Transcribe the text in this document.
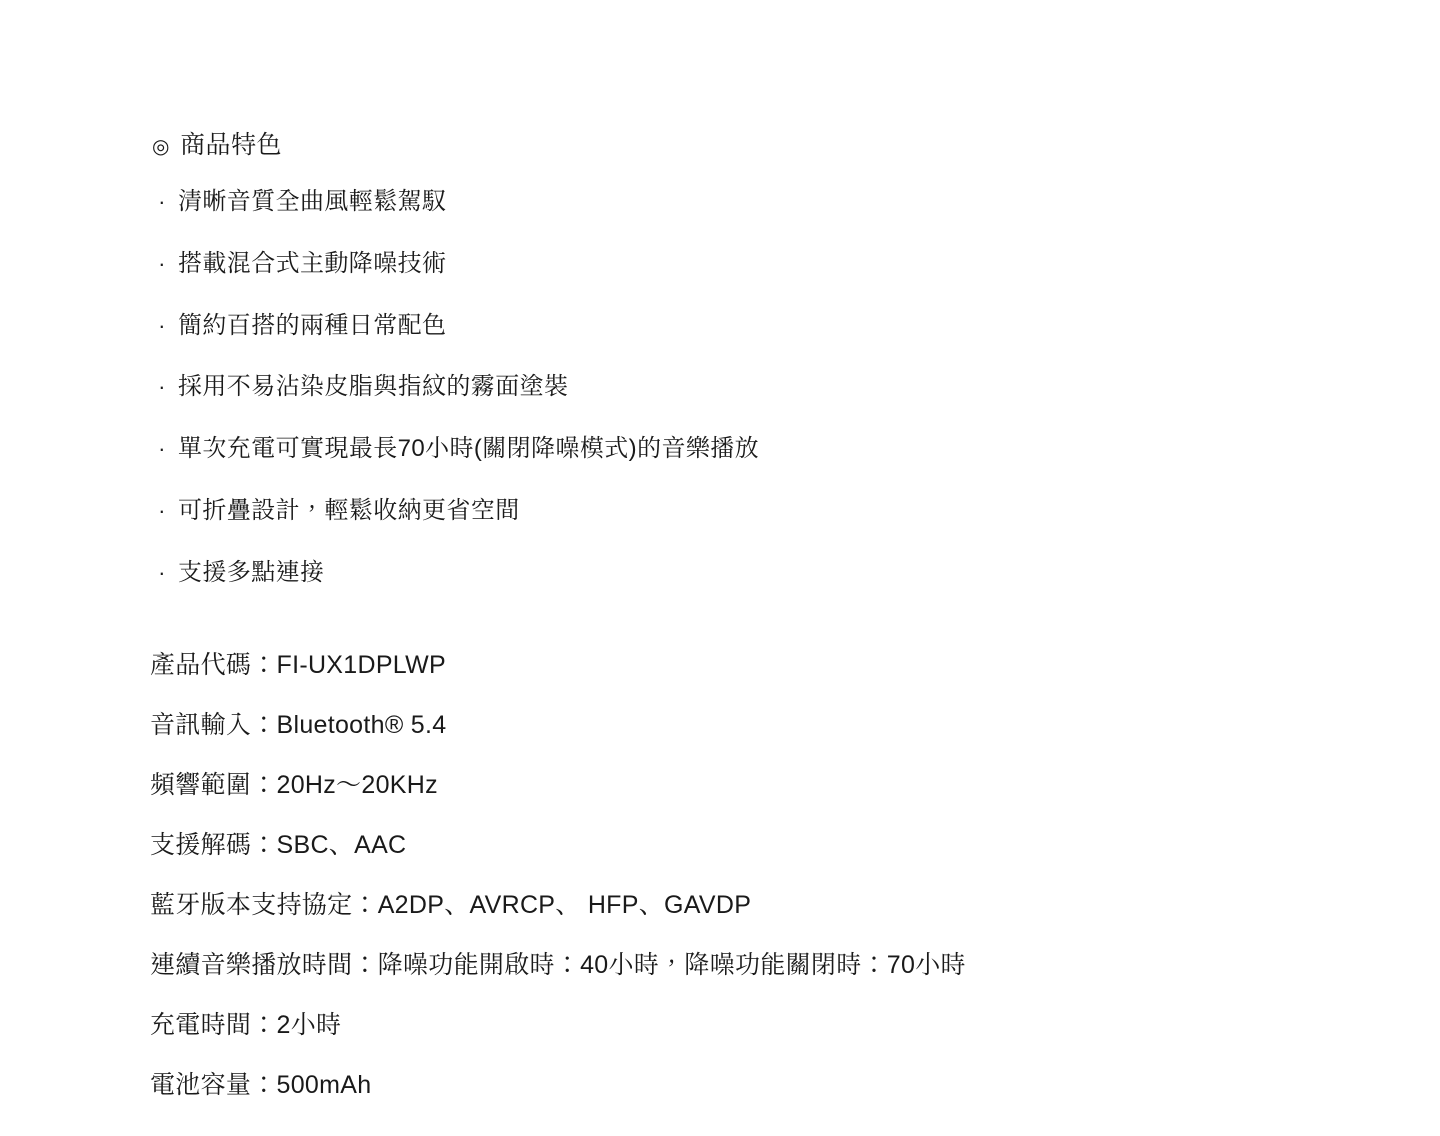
◎ 商品特色
· 清晰音質全曲風輕鬆駕馭
· 搭載混合式主動降噪技術
· 簡約百搭的兩種日常配色
· 採用不易沾染皮脂與指紋的霧面塗裝
· 單次充電可實現最長70小時(關閉降噪模式)的音樂播放
· 可折疊設計，輕鬆收納更省空間
· 支援多點連接

產品代碼：FI-UX1DPLWP

音訊輸入：Bluetooth® 5.4

頻響範圍：20Hz〜20KHz

支援解碼：SBC、AAC

藍牙版本支持協定：A2DP、AVRCP、 HFP、GAVDP

連續音樂播放時間：降噪功能開啟時：40小時，降噪功能關閉時：70小時

充電時間：2小時

電池容量：500mAh
